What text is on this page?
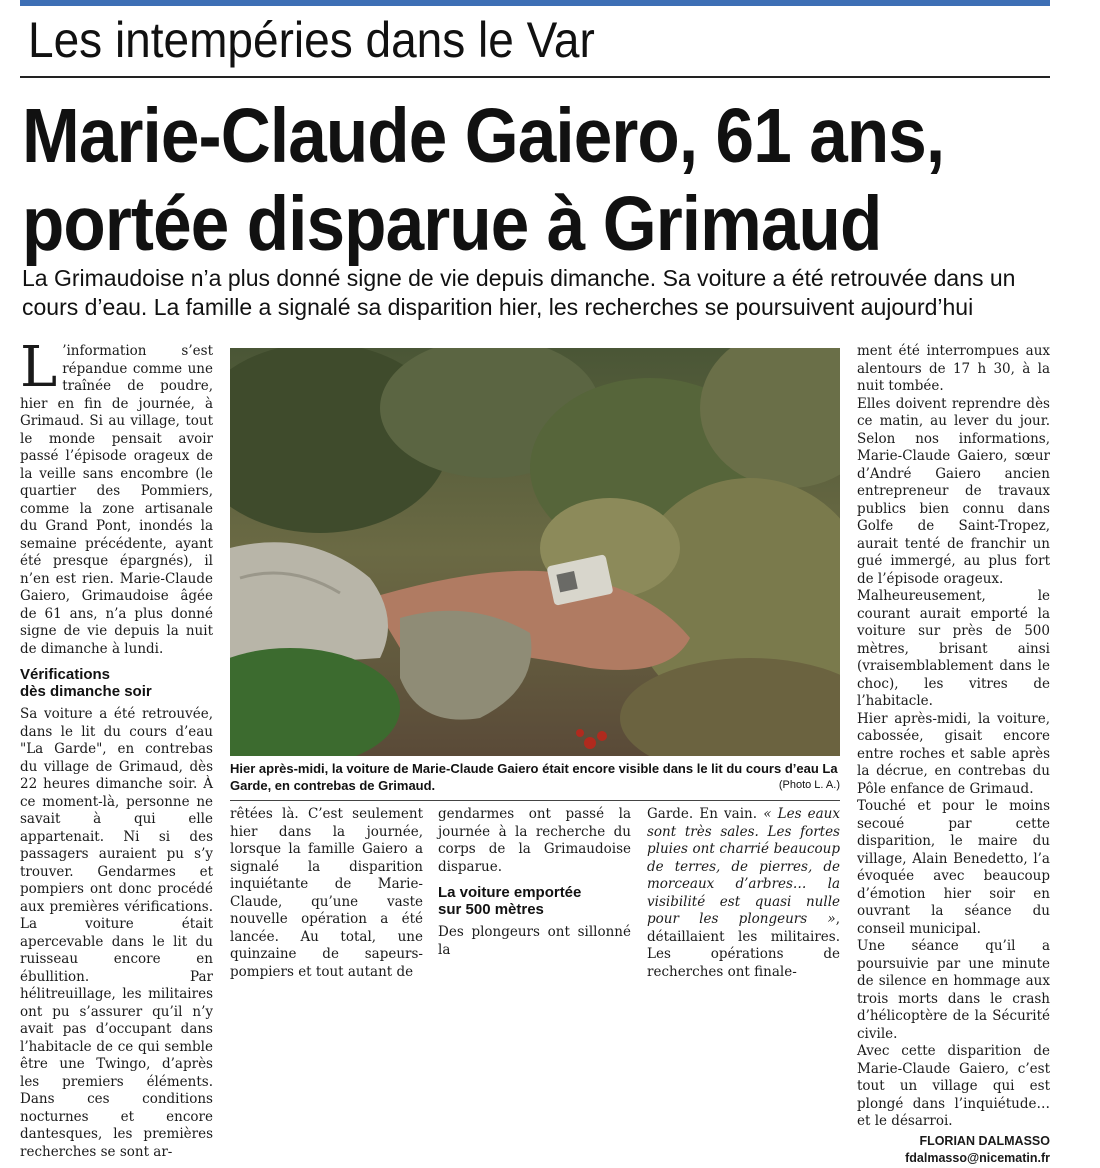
Les intempéries dans le Var
Marie-Claude Gaiero, 61 ans,
portée disparue à Grimaud
La Grimaudoise n’a plus donné signe de vie depuis dimanche. Sa voiture a été retrouvée dans un
cours d’eau. La famille a signalé sa disparition hier, les recherches se poursuivent aujourd’hui

L ’information s’est répandue comme une traînée de poudre, hier en fin de journée, à Grimaud. Si au village, tout le monde pensait avoir passé l’épisode orageux de la veille sans encombre (le quartier des Pommiers, comme la zone artisanale du Grand Pont, inondés la semaine précédente, ayant été presque épargnés), il n’en est rien. Marie-Claude Gaiero, Grimaudoise âgée de 61 ans, n’a plus donné signe de vie depuis la nuit de dimanche à lundi.

Vérifications
dès dimanche soir

Sa voiture a été retrouvée, dans le lit du cours d’eau "La Garde", en contrebas du village de Grimaud, dès 22 heures dimanche soir. À ce moment-là, personne ne savait à qui elle appartenait. Ni si des passagers auraient pu s’y trouver. Gendarmes et pompiers ont donc procédé aux premières vérifications. La voiture était apercevable dans le lit du ruisseau encore en ébullition. Par hélitreuillage, les militaires ont pu s’assurer qu’il n’y avait pas d’occupant dans l’habitacle de ce qui semble être une Twingo, d’après les premiers éléments. Dans ces conditions nocturnes et encore dantesques, les premières recherches se sont ar-

Hier après-midi, la voiture de Marie-Claude Gaiero était encore visible dans le lit du cours d’eau La Garde, en contrebas de Grimaud.	(Photo L. A.)

rêtées là. C’est seulement hier dans la journée, lorsque la famille Gaiero a signalé la disparition inquiétante de Marie-Claude, qu’une vaste nouvelle opération a été lancée. Au total, une quinzaine de sapeurs-pompiers et tout autant de

gendarmes ont passé la journée à la recherche du corps de la Grimaudoise disparue.

La voiture emportée
sur 500 mètres

Des plongeurs ont sillonné la

Garde. En vain. « Les eaux sont très sales. Les fortes pluies ont charrié beaucoup de terres, de pierres, de morceaux d’arbres… la visibilité est quasi nulle pour les plongeurs », détaillaient les militaires. Les opérations de recherches ont finale-

ment été interrompues aux alentours de 17 h 30, à la nuit tombée.

Elles doivent reprendre dès ce matin, au lever du jour. Selon nos informations, Marie-Claude Gaiero, sœur d’André Gaiero ancien entrepreneur de travaux publics bien connu dans Golfe de Saint-Tropez, aurait tenté de franchir un gué immergé, au plus fort de l’épisode orageux.

Malheureusement, le courant aurait emporté la voiture sur près de 500 mètres, brisant ainsi (vraisemblablement dans le choc), les vitres de l’habitacle.

Hier après-midi, la voiture, cabossée, gisait encore entre roches et sable après la décrue, en contrebas du Pôle enfance de Grimaud.

Touché et pour le moins secoué par cette disparition, le maire du village, Alain Benedetto, l’a évoquée avec beaucoup d’émotion hier soir en ouvrant la séance du conseil municipal.

Une séance qu’il a poursuivie par une minute de silence en hommage aux trois morts dans le crash d’hélicoptère de la Sécurité civile.

Avec cette disparition de Marie-Claude Gaiero, c’est tout un village qui est plongé dans l’inquiétude… et le désarroi.

FLORIAN DALMASSO
fdalmasso@nicematin.fr
